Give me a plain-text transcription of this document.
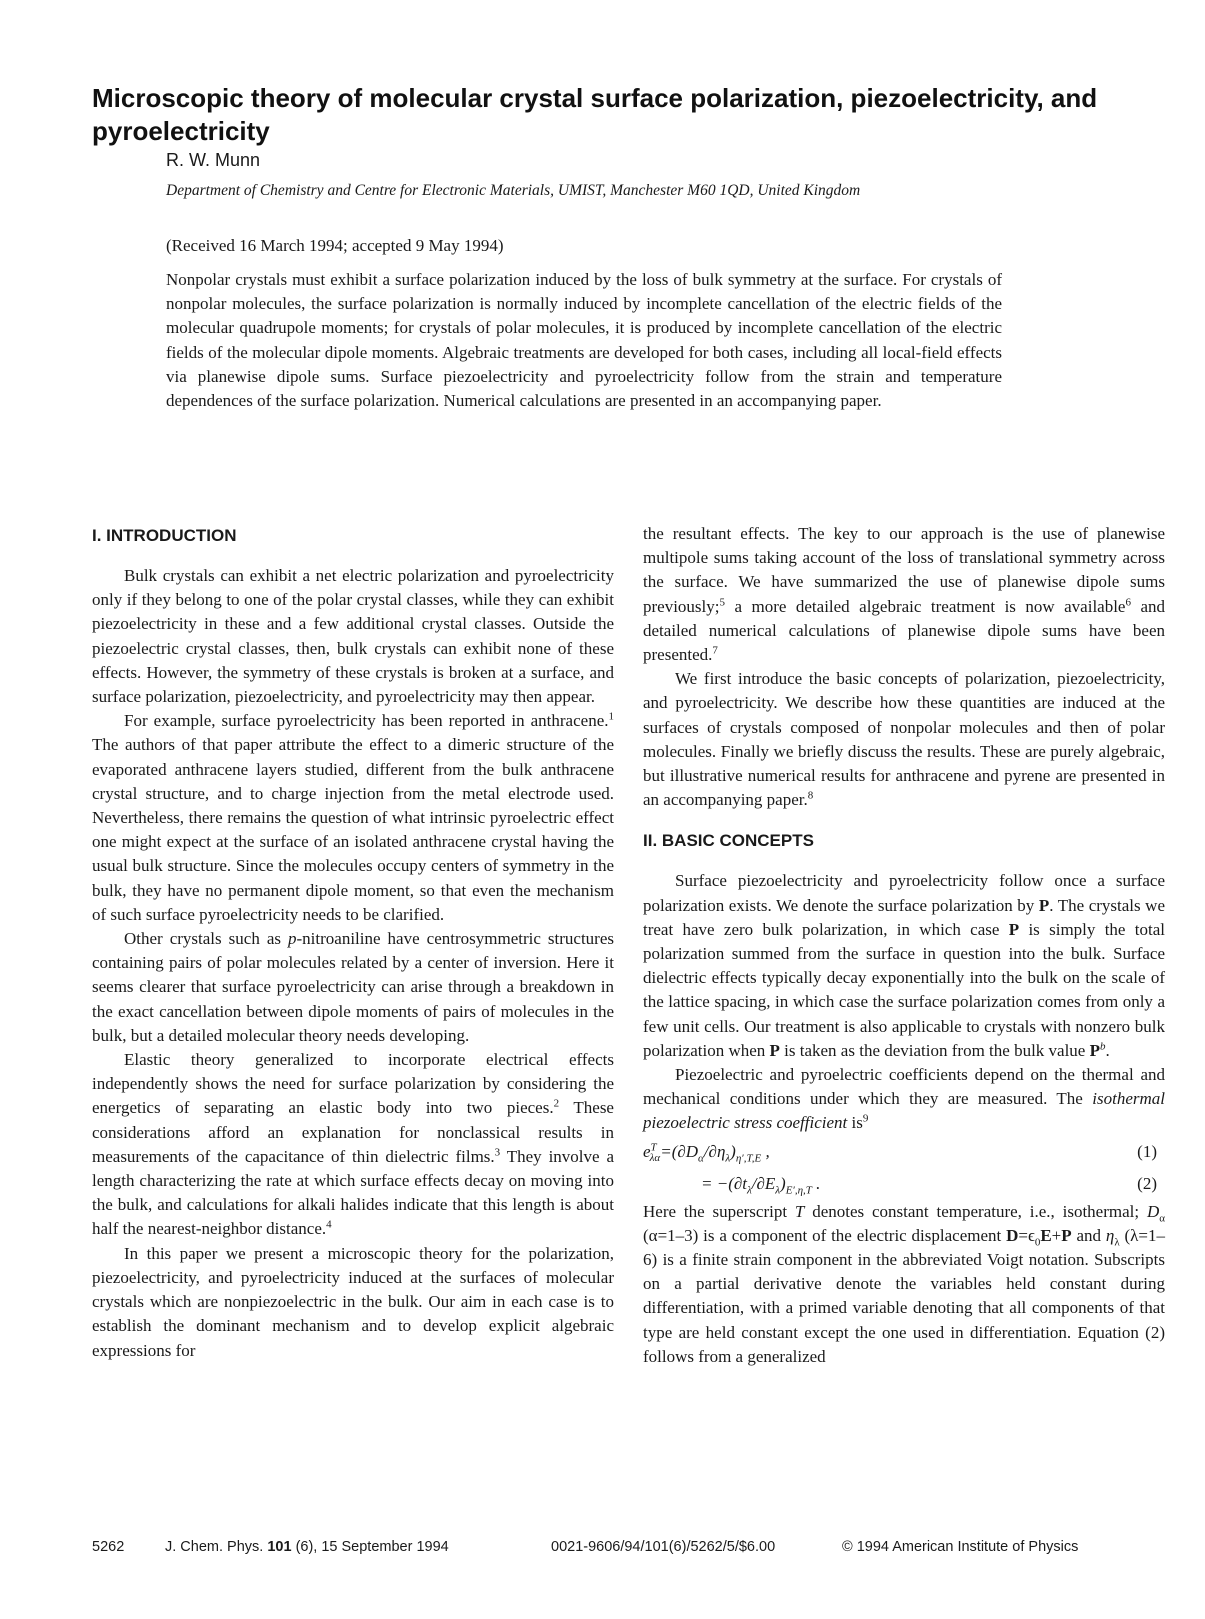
Microscopic theory of molecular crystal surface polarization, piezoelectricity, and pyroelectricity
R. W. Munn
Department of Chemistry and Centre for Electronic Materials, UMIST, Manchester M60 1QD, United Kingdom
(Received 16 March 1994; accepted 9 May 1994)

Nonpolar crystals must exhibit a surface polarization induced by the loss of bulk symmetry at the surface. For crystals of nonpolar molecules, the surface polarization is normally induced by incomplete cancellation of the electric fields of the molecular quadrupole moments; for crystals of polar molecules, it is produced by incomplete cancellation of the electric fields of the molecular dipole moments. Algebraic treatments are developed for both cases, including all local-field effects via planewise dipole sums. Surface piezoelectricity and pyroelectricity follow from the strain and temperature dependences of the surface polarization. Numerical calculations are presented in an accompanying paper.

I. INTRODUCTION

Bulk crystals can exhibit a net electric polarization and pyroelectricity only if they belong to one of the polar crystal classes, while they can exhibit piezoelectricity in these and a few additional crystal classes. Outside the piezoelectric crystal classes, then, bulk crystals can exhibit none of these effects. However, the symmetry of these crystals is broken at a surface, and surface polarization, piezoelectricity, and pyroelectricity may then appear.

For example, surface pyroelectricity has been reported in anthracene.$^1$ The authors of that paper attribute the effect to a dimeric structure of the evaporated anthracene layers studied, different from the bulk anthracene crystal structure, and to charge injection from the metal electrode used. Nevertheless, there remains the question of what intrinsic pyroelectric effect one might expect at the surface of an isolated anthracene crystal having the usual bulk structure. Since the molecules occupy centers of symmetry in the bulk, they have no permanent dipole moment, so that even the mechanism of such surface pyroelectricity needs to be clarified.

Other crystals such as p-nitroaniline have centrosymmetric structures containing pairs of polar molecules related by a center of inversion. Here it seems clearer that surface pyroelectricity can arise through a breakdown in the exact cancellation between dipole moments of pairs of molecules in the bulk, but a detailed molecular theory needs developing.

Elastic theory generalized to incorporate electrical effects independently shows the need for surface polarization by considering the energetics of separating an elastic body into two pieces.$^2$ These considerations afford an explanation for nonclassical results in measurements of the capacitance of thin dielectric films.$^3$ They involve a length characterizing the rate at which surface effects decay on moving into the bulk, and calculations for alkali halides indicate that this length is about half the nearest-neighbor distance.$^4$

In this paper we present a microscopic theory for the polarization, piezoelectricity, and pyroelectricity induced at the surfaces of molecular crystals which are nonpiezoelectric in the bulk. Our aim in each case is to establish the dominant mechanism and to develop explicit algebraic expressions for

the resultant effects. The key to our approach is the use of planewise multipole sums taking account of the loss of translational symmetry across the surface. We have summarized the use of planewise dipole sums previously;$^5$ a more detailed algebraic treatment is now available$^6$ and detailed numerical calculations of planewise dipole sums have been presented.$^7$

We first introduce the basic concepts of polarization, piezoelectricity, and pyroelectricity. We describe how these quantities are induced at the surfaces of crystals composed of nonpolar molecules and then of polar molecules. Finally we briefly discuss the results. These are purely algebraic, but illustrative numerical results for anthracene and pyrene are presented in an accompanying paper.$^8$

II. BASIC CONCEPTS

Surface piezoelectricity and pyroelectricity follow once a surface polarization exists. We denote the surface polarization by P. The crystals we treat have zero bulk polarization, in which case P is simply the total polarization summed from the surface in question into the bulk. Surface dielectric effects typically decay exponentially into the bulk on the scale of the lattice spacing, in which case the surface polarization comes from only a few unit cells. Our treatment is also applicable to crystals with nonzero bulk polarization when P is taken as the deviation from the bulk value $P^b$.

Piezoelectric and pyroelectric coefficients depend on the thermal and mechanical conditions under which they are measured. The isothermal piezoelectric stress coefficient $is^9$

$e^T_{\lambda\alpha}=(\partial D_\alpha/\partial\eta_\lambda)_{\eta',T,E}$ ,	(1)
= $-(\partial t_\lambda/\partial E_\lambda)_{E',\eta,T}$ .	(2)

Here the superscript T denotes constant temperature, i.e., isothermal; $D_\alpha$ (α=1–3) is a component of the electric displacement $D=\epsilon_0E+P$ and $\eta_\lambda$ (λ=1–6) is a finite strain component in the abbreviated Voigt notation. Subscripts on a partial derivative denote the variables held constant during differentiation, with a primed variable denoting that all components of that type are held constant except the one used in differentiation. Equation (2) follows from a generalized

5262	J. Chem. Phys. 101 (6), 15 September 1994	0021-9606/94/101(6)/5262/5/$6.00	© 1994 American Institute of Physics
